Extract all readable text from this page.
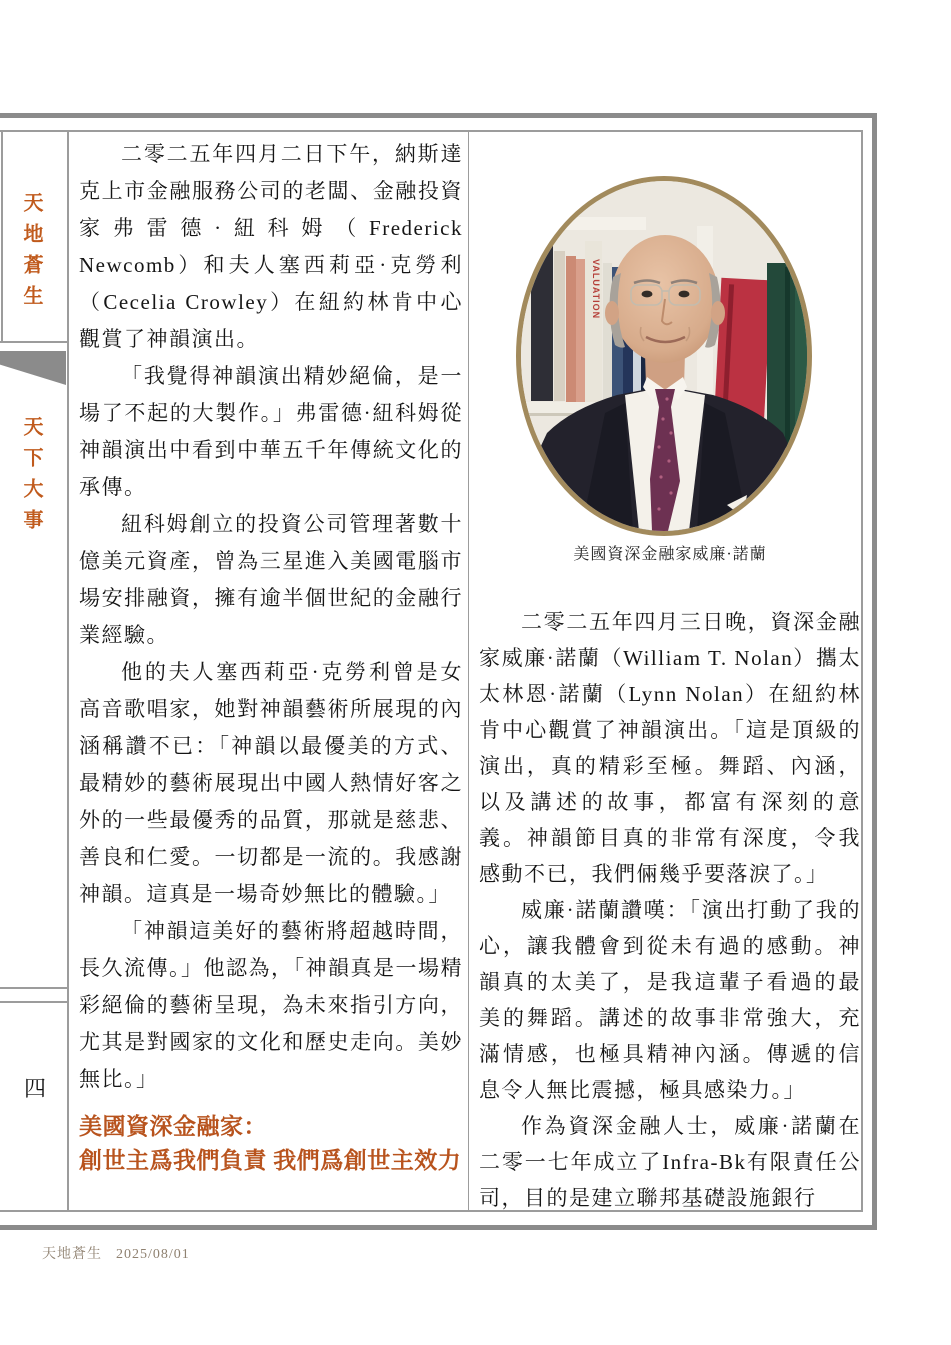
天地蒼生
天下大事
四

二零二五年四月二日下午，納斯達克上市金融服務公司的老闆、金融投資家弗雷德·紐科姆（Frederick Newcomb）和夫人塞西莉亞·克勞利（Cecelia Crowley）在紐約林肯中心觀賞了神韻演出。

「我覺得神韻演出精妙絕倫，是一場了不起的大製作。」弗雷德·紐科姆從神韻演出中看到中華五千年傳統文化的承傳。

紐科姆創立的投資公司管理著數十億美元資產，曾為三星進入美國電腦市場安排融資，擁有逾半個世紀的金融行業經驗。

他的夫人塞西莉亞·克勞利曾是女高音歌唱家，她對神韻藝術所展現的內涵稱讚不已：「神韻以最優美的方式、最精妙的藝術展現出中國人熱情好客之外的一些最優秀的品質，那就是慈悲、善良和仁愛。一切都是一流的。我感謝神韻。這真是一場奇妙無比的體驗。」

「神韻這美好的藝術將超越時間，長久流傳。」他認為，「神韻真是一場精彩絕倫的藝術呈現，為未來指引方向，尤其是對國家的文化和歷史走向。美妙無比。」

美國資深金融家：
創世主爲我們負責 我們爲創世主效力
VALUATION
美國資深金融家威廉·諾蘭

二零二五年四月三日晚，資深金融家威廉·諾蘭（William T. Nolan）攜太太林恩·諾蘭（Lynn Nolan）在紐約林肯中心觀賞了神韻演出。「這是頂級的演出，真的精彩至極。舞蹈、內涵，以及講述的故事，都富有深刻的意義。神韻節目真的非常有深度，令我感動不已，我們倆幾乎要落淚了。」

威廉·諾蘭讚嘆：「演出打動了我的心，讓我體會到從未有過的感動。神韻真的太美了，是我這輩子看過的最美的舞蹈。講述的故事非常強大，充滿情感，也極具精神內涵。傳遞的信息令人無比震撼，極具感染力。」

作為資深金融人士，威廉·諾蘭在二零一七年成立了Infra-Bk有限責任公司，目的是建立聯邦基礎設施銀行

天地蒼生 2025/08/01
